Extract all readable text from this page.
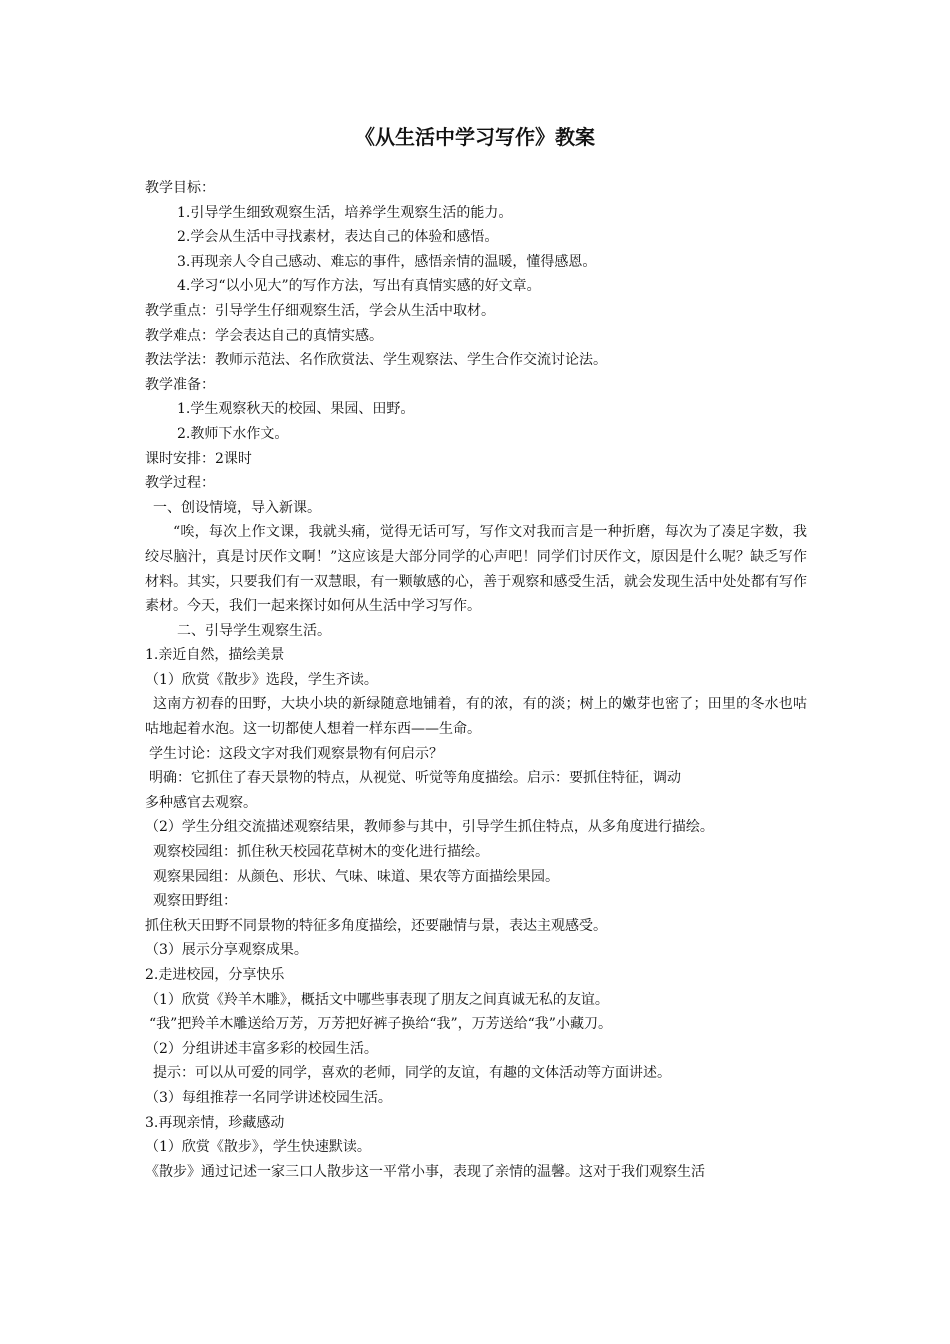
《从生活中学习写作》教案
教学目标：
1.引导学生细致观察生活，培养学生观察生活的能力。
2.学会从生活中寻找素材，表达自己的体验和感悟。
3.再现亲人令自己感动、难忘的事件，感悟亲情的温暖，懂得感恩。
4.学习“以小见大”的写作方法，写出有真情实感的好文章。
教学重点：引导学生仔细观察生活，学会从生活中取材。
教学难点：学会表达自己的真情实感。
教法学法：教师示范法、名作欣赏法、学生观察法、学生合作交流讨论法。
教学准备：
1.学生观察秋天的校园、果园、田野。
2.教师下水作文。
课时安排：2课时
教学过程：
一、创设情境，导入新课。
“唉，每次上作文课，我就头痛，觉得无话可写，写作文对我而言是一种折磨，每次为了凑足字数，我绞尽脑汁，真是讨厌作文啊！”这应该是大部分同学的心声吧！同学们讨厌作文，原因是什么呢？缺乏写作材料。其实，只要我们有一双慧眼，有一颗敏感的心，善于观察和感受生活，就会发现生活中处处都有写作素材。今天，我们一起来探讨如何从生活中学习写作。
二、引导学生观察生活。
1.亲近自然，描绘美景
（1）欣赏《散步》选段，学生齐读。
这南方初春的田野，大块小块的新绿随意地铺着，有的浓，有的淡；树上的嫩芽也密了；田里的冬水也咕咕地起着水泡。这一切都使人想着一样东西——生命。
学生讨论：这段文字对我们观察景物有何启示？
明确：它抓住了春天景物的特点，从视觉、听觉等角度描绘。启示：要抓住特征，调动
多种感官去观察。
（2）学生分组交流描述观察结果，教师参与其中，引导学生抓住特点，从多角度进行描绘。
观察校园组：抓住秋天校园花草树木的变化进行描绘。
观察果园组：从颜色、形状、气味、味道、果农等方面描绘果园。
观察田野组：
抓住秋天田野不同景物的特征多角度描绘，还要融情与景，表达主观感受。
（3）展示分享观察成果。
2.走进校园，分享快乐
（1）欣赏《羚羊木雕》，概括文中哪些事表现了朋友之间真诚无私的友谊。
“我”把羚羊木雕送给万芳，万芳把好裤子换给“我”，万芳送给“我”小藏刀。
（2）分组讲述丰富多彩的校园生活。
提示：可以从可爱的同学，喜欢的老师，同学的友谊，有趣的文体活动等方面讲述。
（3）每组推荐一名同学讲述校园生活。
3.再现亲情，珍藏感动
（1）欣赏《散步》，学生快速默读。
《散步》通过记述一家三口人散步这一平常小事，表现了亲情的温馨。这对于我们观察生活
